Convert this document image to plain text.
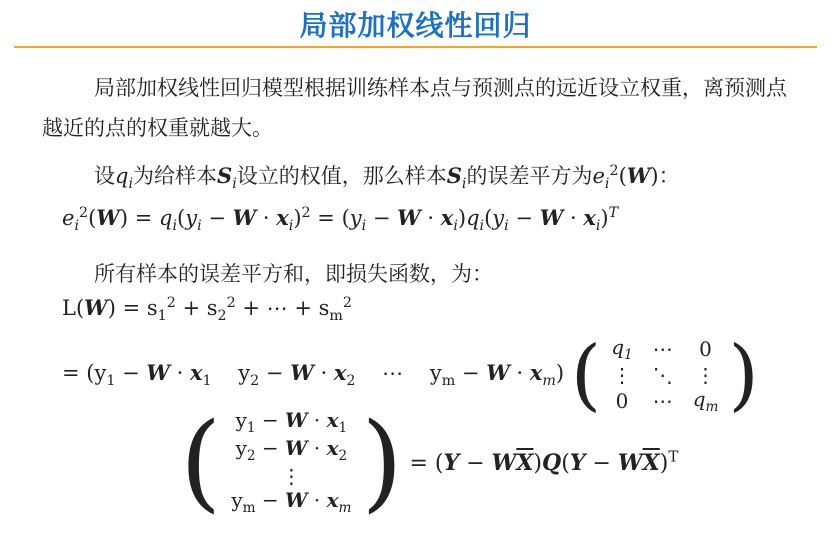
局部加权线性回归
局部加权线性回归模型根据训练样本点与预测点的远近设立权重，离预测点越近的点的权重就越大。
设$q_i$为给样本$S_i$设立的权值，那么样本$S_i$的误差平方为$e_i^2(W)$：
$e_i^2(W) = q_i(y_i - W \cdot x_i)^2 = (y_i - W \cdot x_i)q_i(y_i - W \cdot x_i)^T$
所有样本的误差平方和，即损失函数，为：
$L(W) = s_1^2 + s_2^2$ + ⋯ + $s_m^2$
= ($y_1 - W \cdot x_1$    $y_2 - W \cdot x_2$    ⋯    $y_m - W \cdot x_m$) ( $q_1$	⋯	0
⋮	⋱	⋮
0	⋯	$q_m$ )
( $y_1 - W \cdot x_1$
$y_2 - W \cdot x_2$
⋮
$y_m - W \cdot x_m$ ) = $(Y - W\overline{X})Q(Y - W\overline{X})^T$
